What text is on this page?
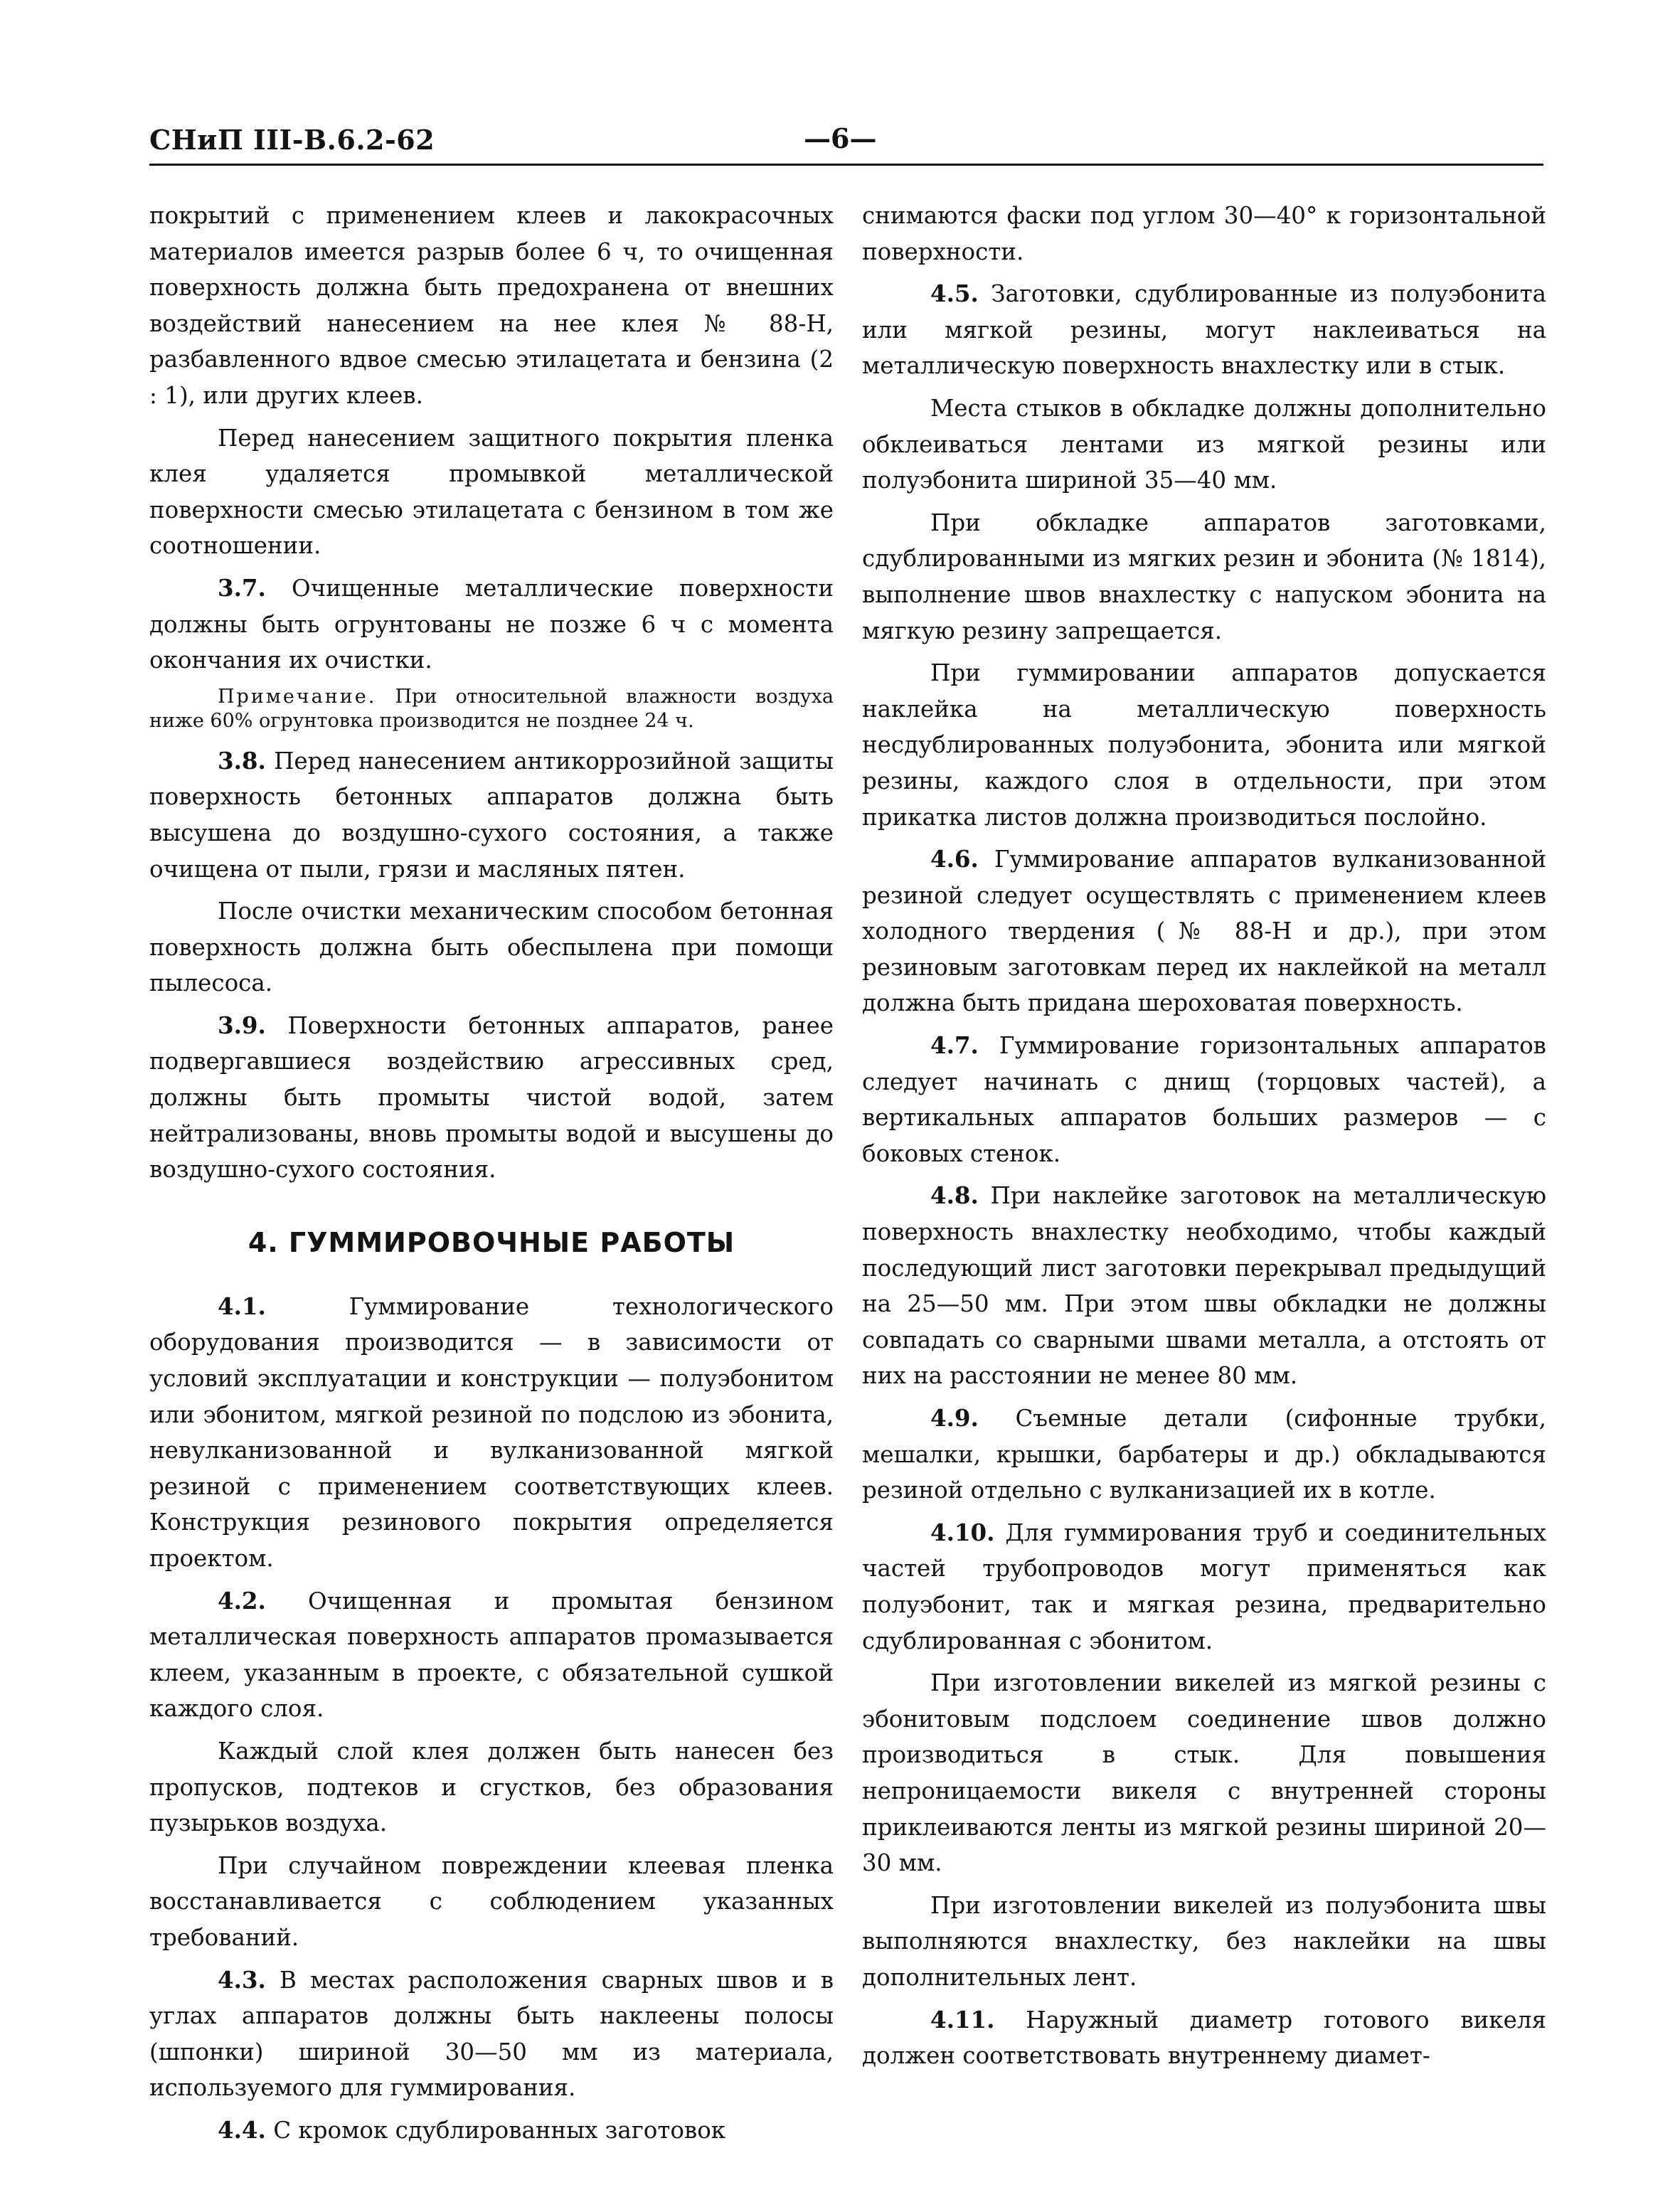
СНиП III-В.6.2-62	—6—

покрытий с применением клеев и лакокрасочных материалов имеется разрыв более 6 ч, то очищенная поверхность должна быть предохранена от внешних воздействий нанесением на нее клея № 88-Н, разбавленного вдвое смесью этилацетата и бензина (2 : 1), или других клеев.

Перед нанесением защитного покрытия пленка клея удаляется промывкой металлической поверхности смесью этилацетата с бензином в том же соотношении.

3.7. Очищенные металлические поверхности должны быть огрунтованы не позже 6 ч с момента окончания их очистки.

Примечание. При относительной влажности воздуха ниже 60% огрунтовка производится не позднее 24 ч.

3.8. Перед нанесением антикоррозийной защиты поверхность бетонных аппаратов должна быть высушена до воздушно-сухого состояния, а также очищена от пыли, грязи и масляных пятен.

После очистки механическим способом бетонная поверхность должна быть обеспылена при помощи пылесоса.

3.9. Поверхности бетонных аппаратов, ранее подвергавшиеся воздействию агрессивных сред, должны быть промыты чистой водой, затем нейтрализованы, вновь промыты водой и высушены до воздушно-сухого состояния.

4. ГУММИРОВОЧНЫЕ РАБОТЫ

4.1.	Гуммирование технологического оборудования производится — в зависимости от условий эксплуатации и конструкции — полуэбонитом или эбонитом, мягкой резиной по подслою из эбонита, невулканизованной и вулканизованной мягкой резиной с применением соответствующих клеев. Конструкция резинового покрытия определяется проектом.

4.2. Очищенная и промытая бензином металлическая поверхность аппаратов промазывается клеем, указанным в проекте, с обязательной сушкой каждого слоя.

Каждый слой клея должен быть нанесен без пропусков, подтеков и сгустков, без образования пузырьков воздуха.

При случайном повреждении клеевая пленка восстанавливается с соблюдением указанных требований.

4.3. В местах расположения сварных швов и в углах аппаратов должны быть наклеены полосы (шпонки) шириной 30—50 мм из материала, используемого для гуммирования.

4.4. С кромок сдублированных заготовок

снимаются фаски под углом 30—40° к горизонтальной поверхности.

4.5. Заготовки, сдублированные из полуэбонита или мягкой резины, могут наклеиваться на металлическую поверхность внахлестку или в стык.

Места стыков в обкладке должны дополнительно обклеиваться лентами из мягкой резины или полуэбонита шириной 35—40 мм.

При обкладке аппаратов заготовками, сдублированными из мягких резин и эбонита (№ 1814), выполнение швов внахлестку с напуском эбонита на мягкую резину запрещается.

При гуммировании аппаратов допускается наклейка на металлическую поверхность несдублированных полуэбонита, эбонита или мягкой резины, каждого слоя в отдельности, при этом прикатка листов должна производиться послойно.

4.6. Гуммирование аппаратов вулканизованной резиной следует осуществлять с применением клеев холодного твердения (№ 88-Н и др.), при этом резиновым заготовкам перед их наклейкой на металл должна быть придана шероховатая поверхность.

4.7. Гуммирование горизонтальных аппаратов следует начинать с днищ (торцовых частей), а вертикальных аппаратов больших размеров — с боковых стенок.

4.8. При наклейке заготовок на металлическую поверхность внахлестку необходимо, чтобы каждый последующий лист заготовки перекрывал предыдущий на 25—50 мм. При этом швы обкладки не должны совпадать со сварными швами металла, а отстоять от них на расстоянии не менее 80 мм.

4.9. Съемные детали (сифонные трубки, мешалки, крышки, барбатеры и др.) обкладываются резиной отдельно с вулканизацией их в котле.

4.10. Для гуммирования труб и соединительных частей трубопроводов могут применяться как полуэбонит, так и мягкая резина, предварительно сдублированная с эбонитом.

При изготовлении викелей из мягкой резины с эбонитовым подслоем соединение швов должно производиться в стык. Для повышения непроницаемости викеля с внутренней стороны приклеиваются ленты из мягкой резины шириной 20—30 мм.

При изготовлении викелей из полуэбонита швы выполняются внахлестку, без наклейки на швы дополнительных лент.

4.11. Наружный диаметр готового викеля должен соответствовать внутреннему диамет-
